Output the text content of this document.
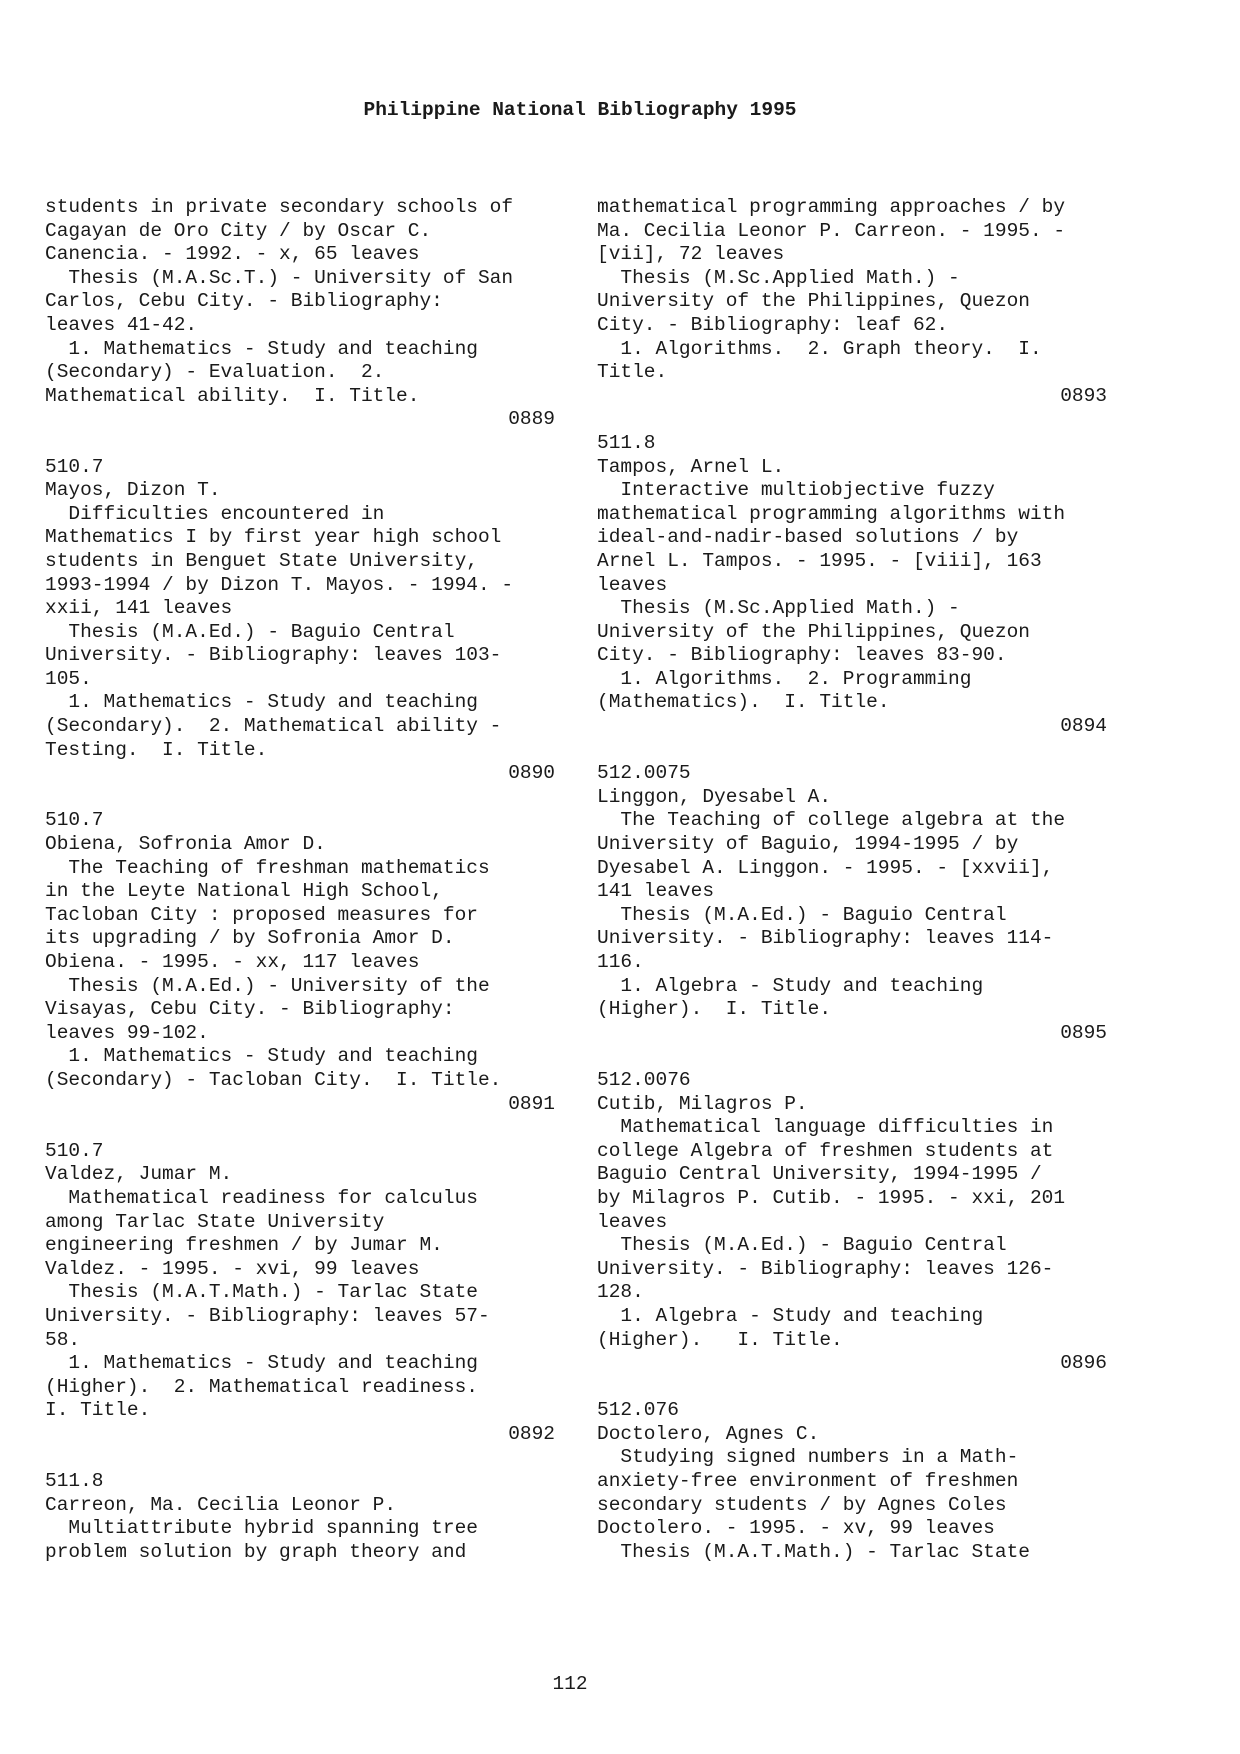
Philippine National Bibliography 1995
students in private secondary schools of
Cagayan de Oro City / by Oscar C.
Canencia. - 1992. - x, 65 leaves
Thesis (M.A.Sc.T.) - University of San
Carlos, Cebu City. - Bibliography:
leaves 41-42.
1. Mathematics - Study and teaching
(Secondary) - Evaluation.  2.
Mathematical ability.  I. Title.
0889
510.7
Mayos, Dizon T.
Difficulties encountered in
Mathematics I by first year high school
students in Benguet State University,
1993-1994 / by Dizon T. Mayos. - 1994. -
xxii, 141 leaves
Thesis (M.A.Ed.) - Baguio Central
University. - Bibliography: leaves 103-
105.
1. Mathematics - Study and teaching
(Secondary).  2. Mathematical ability -
Testing.  I. Title.
0890
510.7
Obiena, Sofronia Amor D.
The Teaching of freshman mathematics
in the Leyte National High School,
Tacloban City : proposed measures for
its upgrading / by Sofronia Amor D.
Obiena. - 1995. - xx, 117 leaves
Thesis (M.A.Ed.) - University of the
Visayas, Cebu City. - Bibliography:
leaves 99-102.
1. Mathematics - Study and teaching
(Secondary) - Tacloban City.  I. Title.
0891
510.7
Valdez, Jumar M.
Mathematical readiness for calculus
among Tarlac State University
engineering freshmen / by Jumar M.
Valdez. - 1995. - xvi, 99 leaves
Thesis (M.A.T.Math.) - Tarlac State
University. - Bibliography: leaves 57-
58.
1. Mathematics - Study and teaching
(Higher).  2. Mathematical readiness.
I. Title.
0892
511.8
Carreon, Ma. Cecilia Leonor P.
Multiattribute hybrid spanning tree
problem solution by graph theory and
mathematical programming approaches / by
Ma. Cecilia Leonor P. Carreon. - 1995. -
[vii], 72 leaves
Thesis (M.Sc.Applied Math.) -
University of the Philippines, Quezon
City. - Bibliography: leaf 62.
1. Algorithms.  2. Graph theory.  I.
Title.
0893
511.8
Tampos, Arnel L.
Interactive multiobjective fuzzy
mathematical programming algorithms with
ideal-and-nadir-based solutions / by
Arnel L. Tampos. - 1995. - [viii], 163
leaves
Thesis (M.Sc.Applied Math.) -
University of the Philippines, Quezon
City. - Bibliography: leaves 83-90.
1. Algorithms.  2. Programming
(Mathematics).  I. Title.
0894
512.0075
Linggon, Dyesabel A.
The Teaching of college algebra at the
University of Baguio, 1994-1995 / by
Dyesabel A. Linggon. - 1995. - [xxvii],
141 leaves
Thesis (M.A.Ed.) - Baguio Central
University. - Bibliography: leaves 114-
116.
1. Algebra - Study and teaching
(Higher).  I. Title.
0895
512.0076
Cutib, Milagros P.
Mathematical language difficulties in
college Algebra of freshmen students at
Baguio Central University, 1994-1995 /
by Milagros P. Cutib. - 1995. - xxi, 201
leaves
Thesis (M.A.Ed.) - Baguio Central
University. - Bibliography: leaves 126-
128.
1. Algebra - Study and teaching
(Higher).   I. Title.
0896
512.076
Doctolero, Agnes C.
Studying signed numbers in a Math-
anxiety-free environment of freshmen
secondary students / by Agnes Coles
Doctolero. - 1995. - xv, 99 leaves
Thesis (M.A.T.Math.) - Tarlac State
112
